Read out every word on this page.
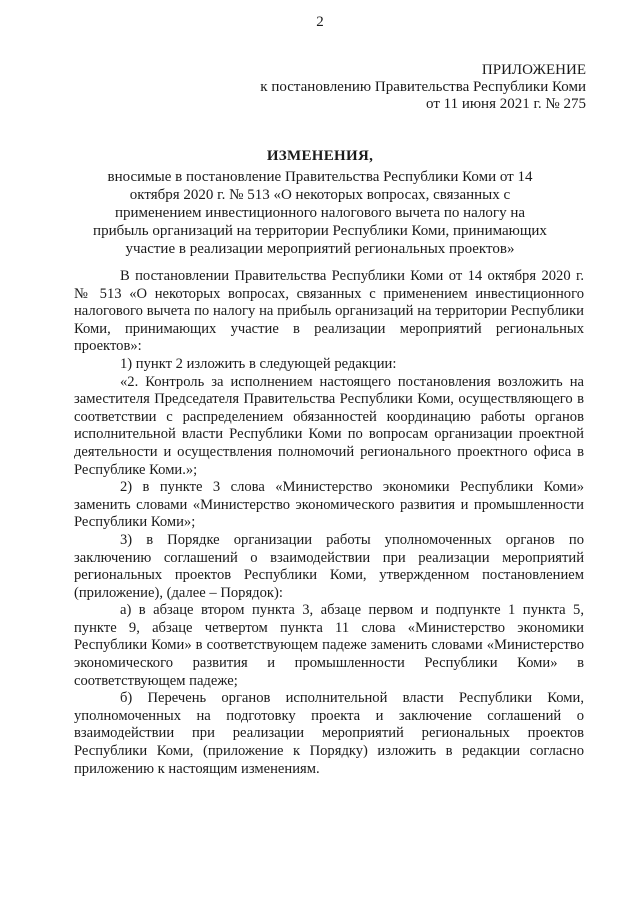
2
ПРИЛОЖЕНИЕ
к постановлению Правительства Республики Коми
от 11 июня 2021 г. № 275
ИЗМЕНЕНИЯ,
вносимые в постановление Правительства Республики Коми от 14 октября 2020 г. № 513 «О некоторых вопросах, связанных с применением инвестиционного налогового вычета по налогу на прибыль организаций на территории Республики Коми, принимающих участие в реализации мероприятий региональных проектов»

В постановлении Правительства Республики Коми от 14 октября 2020 г. № 513 «О некоторых вопросах, связанных с применением инвестиционного налогового вычета по налогу на прибыль организаций на территории Республики Коми, принимающих участие в реализации мероприятий региональных проектов»:

1) пункт 2 изложить в следующей редакции:

«2. Контроль за исполнением настоящего постановления возложить на заместителя Председателя Правительства Республики Коми, осуществляющего в соответствии с распределением обязанностей координацию работы органов исполнительной власти Республики Коми по вопросам организации проектной деятельности и осуществления полномочий регионального проектного офиса в Республике Коми.»;

2) в пункте 3 слова «Министерство экономики Республики Коми» заменить словами «Министерство экономического развития и промышленности Республики Коми»;

3) в Порядке организации работы уполномоченных органов по заключению соглашений о взаимодействии при реализации мероприятий региональных проектов Республики Коми, утвержденном постановлением (приложение), (далее – Порядок):

а) в абзаце втором пункта 3, абзаце первом и подпункте 1 пункта 5, пункте 9, абзаце четвертом пункта 11 слова «Министерство экономики Республики Коми» в соответствующем падеже заменить словами «Министерство экономического развития и промышленности Республики Коми» в соответствующем падеже;

б) Перечень органов исполнительной власти Республики Коми, уполномоченных на подготовку проекта и заключение соглашений о взаимодействии при реализации мероприятий региональных проектов Республики Коми, (приложение к Порядку) изложить в редакции согласно приложению к настоящим изменениям.
